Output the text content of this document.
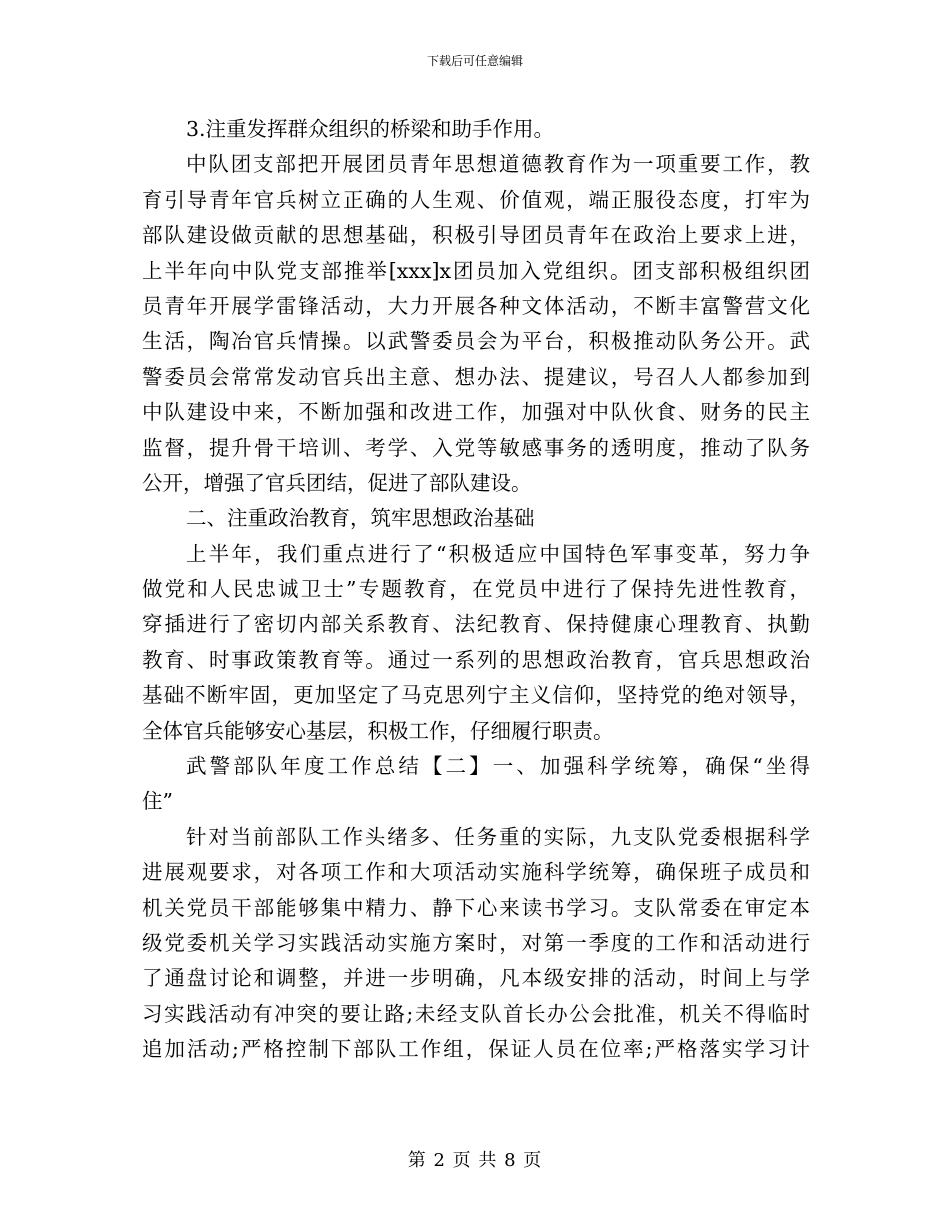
下载后可任意编辑
3.注重发挥群众组织的桥梁和助手作用。
中队团支部把开展团员青年思想道德教育作为一项重要工作，教
育引导青年官兵树立正确的人生观、价值观，端正服役态度，打牢为
部队建设做贡献的思想基础，积极引导团员青年在政治上要求上进，
上半年向中队党支部推举[xxx]x团员加入党组织。团支部积极组织团
员青年开展学雷锋活动，大力开展各种文体活动，不断丰富警营文化
生活，陶冶官兵情操。以武警委员会为平台，积极推动队务公开。武
警委员会常常发动官兵出主意、想办法、提建议，号召人人都参加到
中队建设中来，不断加强和改进工作，加强对中队伙食、财务的民主
监督，提升骨干培训、考学、入党等敏感事务的透明度，推动了队务
公开，增强了官兵团结，促进了部队建设。
二、注重政治教育，筑牢思想政治基础
上半年，我们重点进行了“积极适应中国特色军事变革，努力争
做党和人民忠诚卫士”专题教育，在党员中进行了保持先进性教育，
穿插进行了密切内部关系教育、法纪教育、保持健康心理教育、执勤
教育、时事政策教育等。通过一系列的思想政治教育，官兵思想政治
基础不断牢固，更加坚定了马克思列宁主义信仰，坚持党的绝对领导，
全体官兵能够安心基层，积极工作，仔细履行职责。
武警部队年度工作总结【二】一、加强科学统筹，确保“坐得
住”
针对当前部队工作头绪多、任务重的实际，九支队党委根据科学
进展观要求，对各项工作和大项活动实施科学统筹，确保班子成员和
机关党员干部能够集中精力、静下心来读书学习。支队常委在审定本
级党委机关学习实践活动实施方案时，对第一季度的工作和活动进行
了通盘讨论和调整，并进一步明确，凡本级安排的活动，时间上与学
习实践活动有冲突的要让路;未经支队首长办公会批准，机关不得临时
追加活动;严格控制下部队工作组，保证人员在位率;严格落实学习计
第 2 页 共 8 页
